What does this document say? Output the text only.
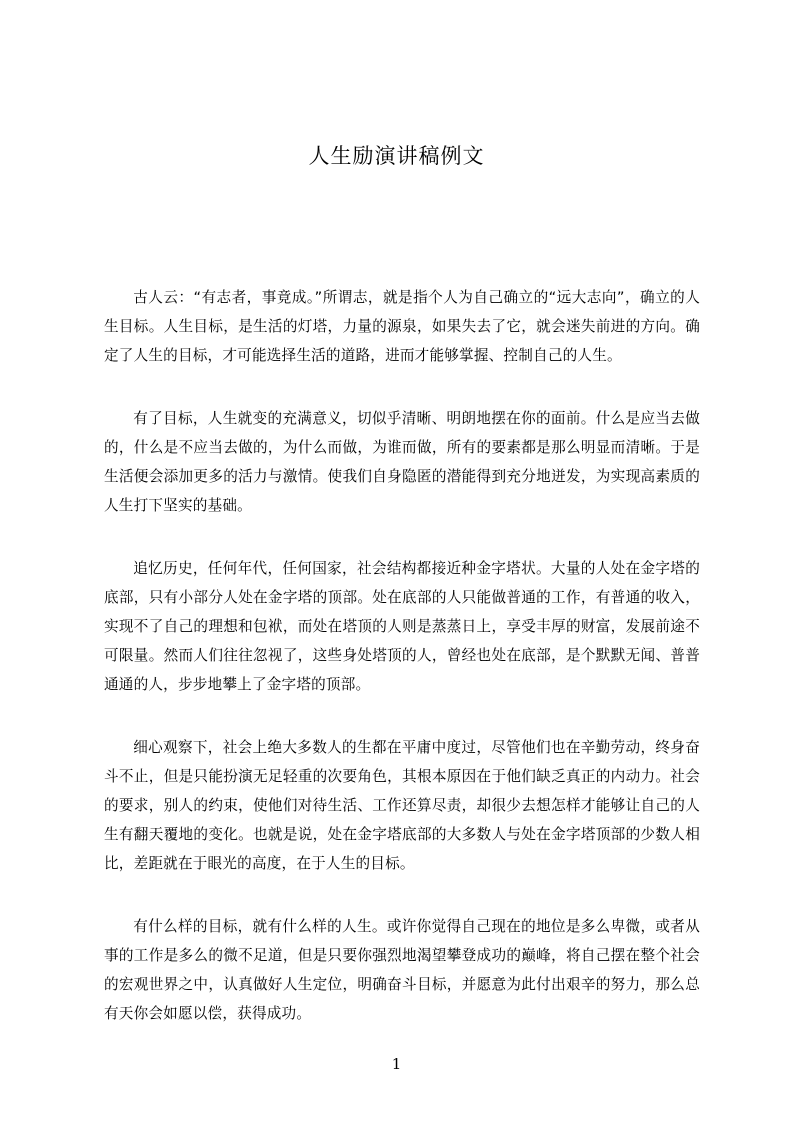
人生励演讲稿例文

古人云：“有志者，事竟成。”所谓志，就是指个人为自己确立的“远大志向”，确立的人生目标。人生目标，是生活的灯塔，力量的源泉，如果失去了它，就会迷失前进的方向。确定了人生的目标，才可能选择生活的道路，进而才能够掌握、控制自己的人生。

有了目标，人生就变的充满意义，切似乎清晰、明朗地摆在你的面前。什么是应当去做的，什么是不应当去做的，为什么而做，为谁而做，所有的要素都是那么明显而清晰。于是生活便会添加更多的活力与激情。使我们自身隐匿的潜能得到充分地迸发，为实现高素质的人生打下坚实的基础。

追忆历史，任何年代，任何国家，社会结构都接近种金字塔状。大量的人处在金字塔的底部，只有小部分人处在金字塔的顶部。处在底部的人只能做普通的工作，有普通的收入，实现不了自己的理想和包袱，而处在塔顶的人则是蒸蒸日上，享受丰厚的财富，发展前途不可限量。然而人们往往忽视了，这些身处塔顶的人，曾经也处在底部，是个默默无闻、普普通通的人，步步地攀上了金字塔的顶部。

细心观察下，社会上绝大多数人的生都在平庸中度过，尽管他们也在辛勤劳动，终身奋斗不止，但是只能扮演无足轻重的次要角色，其根本原因在于他们缺乏真正的内动力。社会的要求，别人的约束，使他们对待生活、工作还算尽责，却很少去想怎样才能够让自己的人生有翻天覆地的变化。也就是说，处在金字塔底部的大多数人与处在金字塔顶部的少数人相比，差距就在于眼光的高度，在于人生的目标。

有什么样的目标，就有什么样的人生。或许你觉得自己现在的地位是多么卑微，或者从事的工作是多么的微不足道，但是只要你强烈地渴望攀登成功的巅峰，将自己摆在整个社会的宏观世界之中，认真做好人生定位，明确奋斗目标，并愿意为此付出艰辛的努力，那么总有天你会如愿以偿，获得成功。

1
